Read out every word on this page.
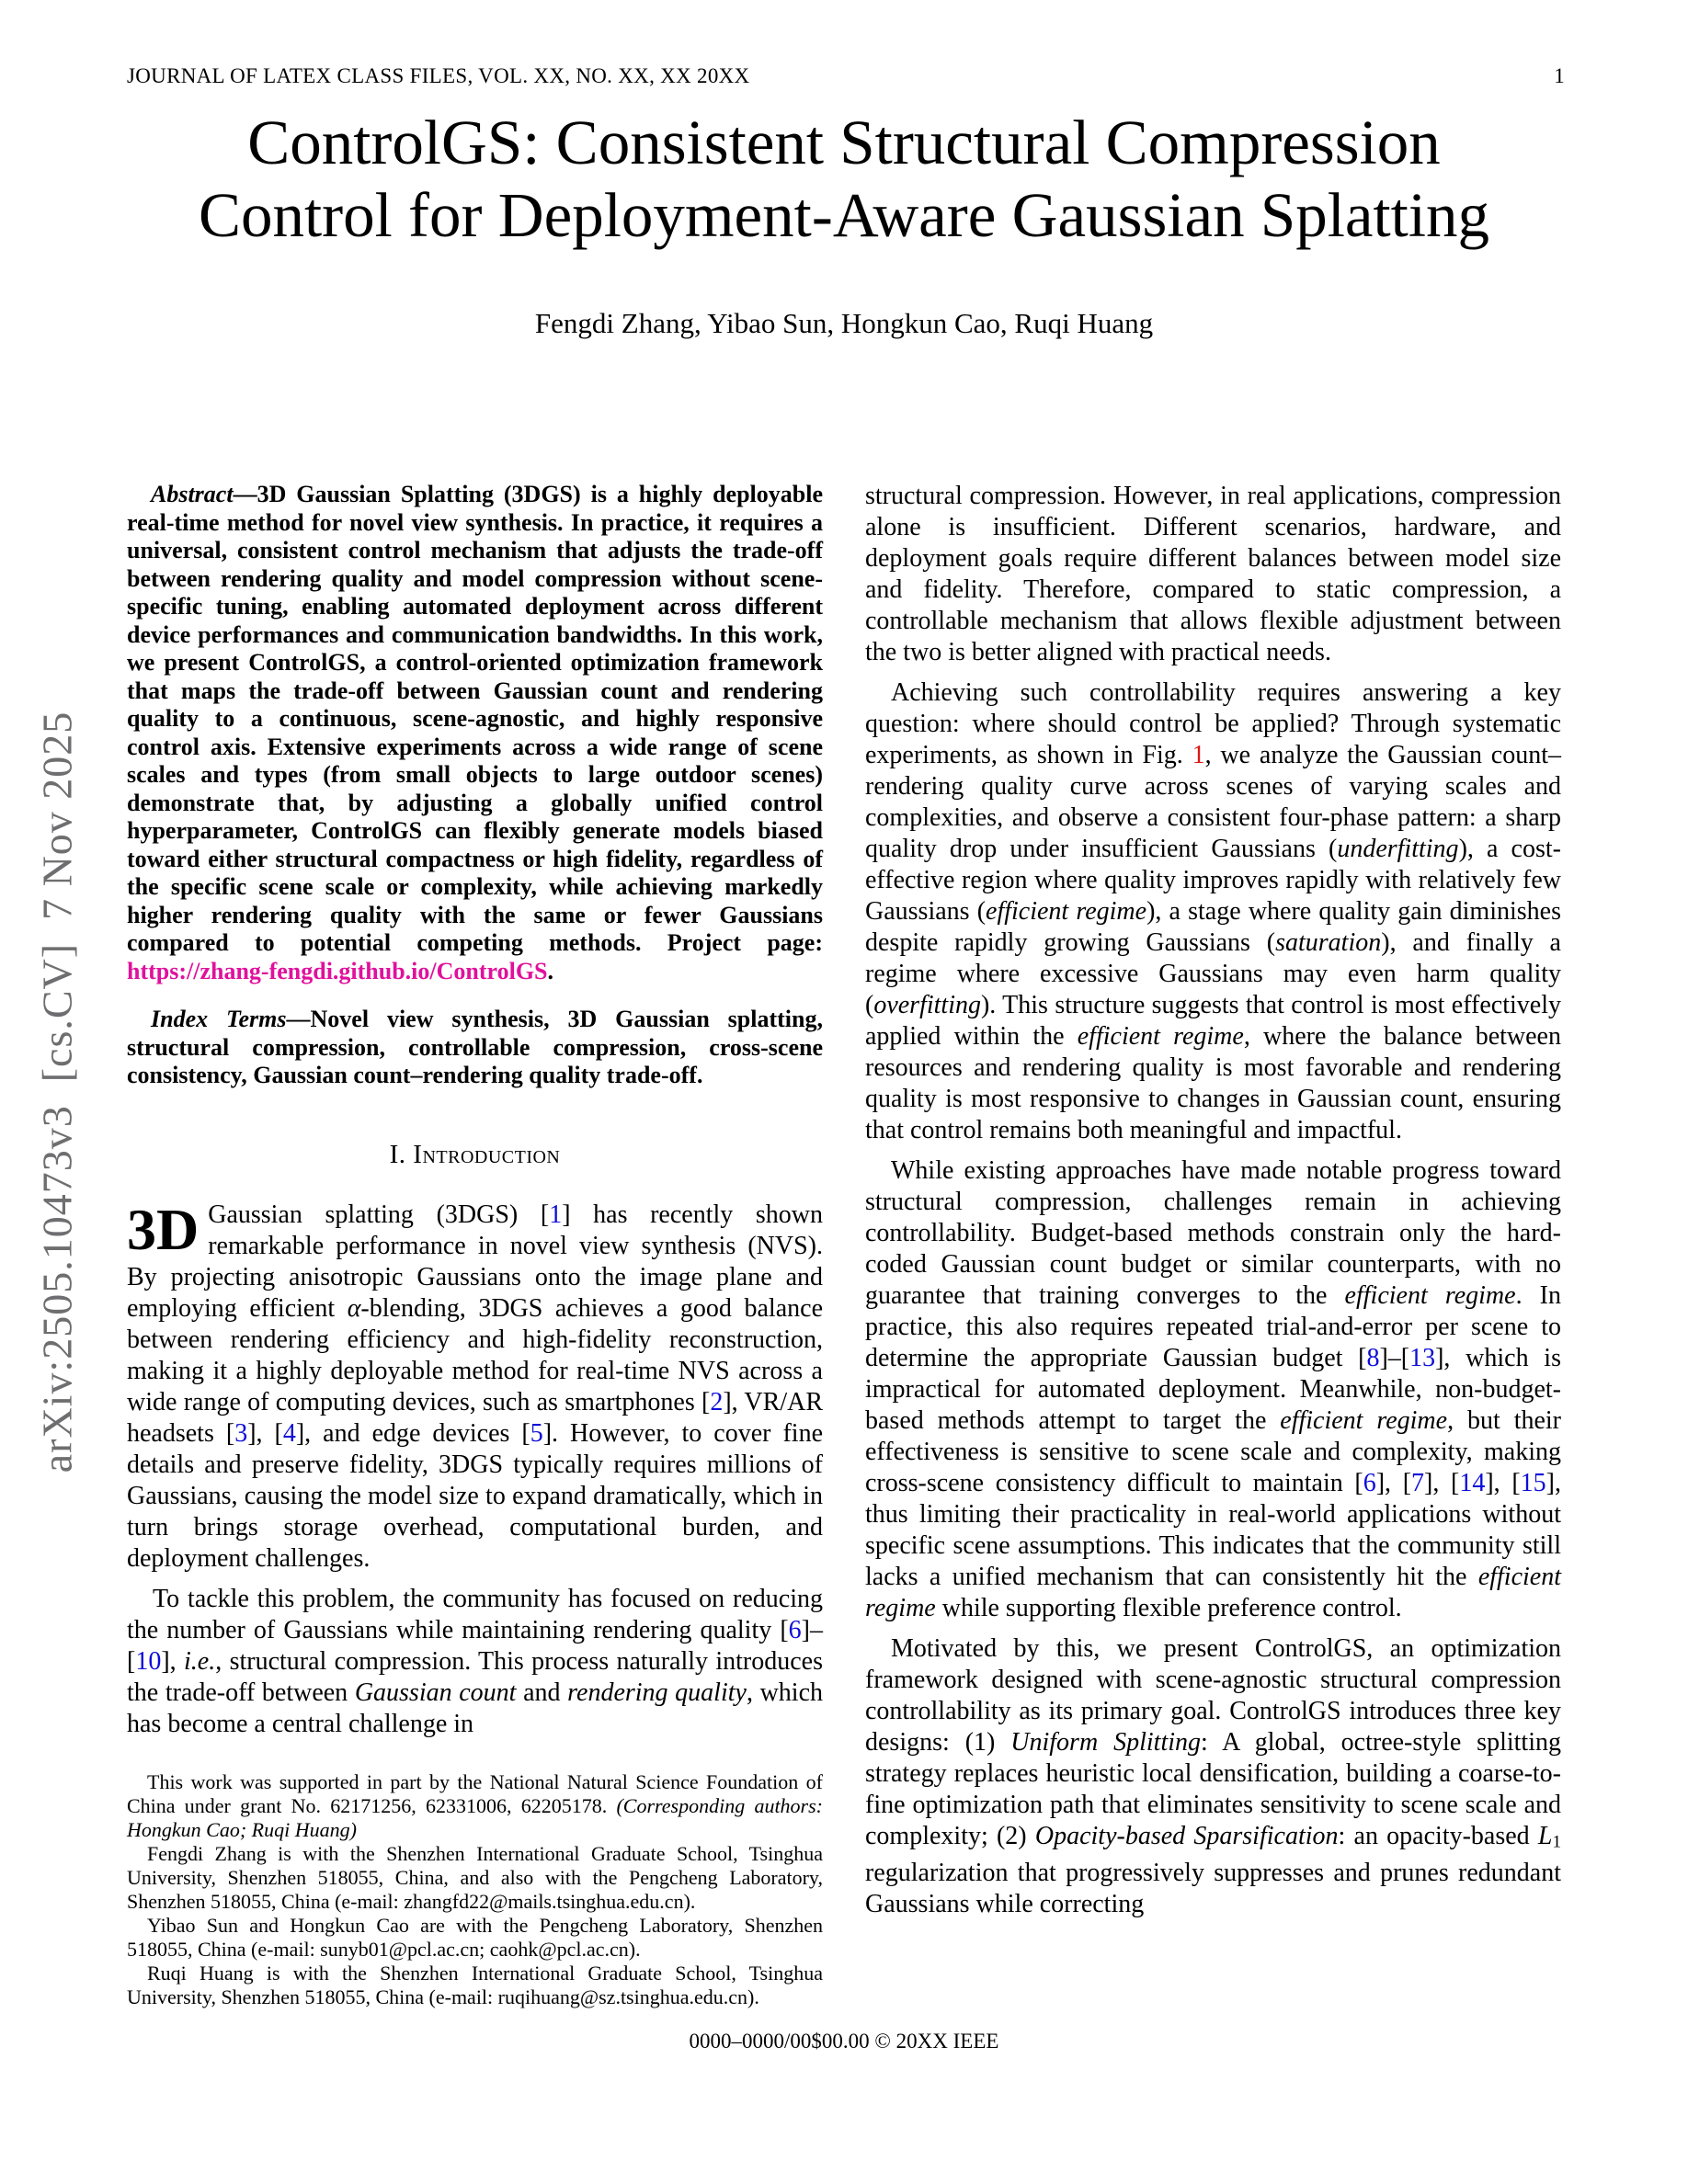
arXiv:2505.10473v3  [cs.CV]  7 Nov 2025
JOURNAL OF LATEX CLASS FILES, VOL. XX, NO. XX, XX 20XX	1
ControlGS: Consistent Structural Compression
Control for Deployment-Aware Gaussian Splatting
Fengdi Zhang, Yibao Sun, Hongkun Cao, Ruqi Huang

Abstract—3D Gaussian Splatting (3DGS) is a highly deployable real-time method for novel view synthesis. In practice, it requires a universal, consistent control mechanism that adjusts the trade-off between rendering quality and model compression without scene-specific tuning, enabling automated deployment across different device performances and communication bandwidths. In this work, we present ControlGS, a control-oriented optimization framework that maps the trade-off between Gaussian count and rendering quality to a continuous, scene-agnostic, and highly responsive control axis. Extensive experiments across a wide range of scene scales and types (from small objects to large outdoor scenes) demonstrate that, by adjusting a globally unified control hyperparameter, ControlGS can flexibly generate models biased toward either structural compactness or high fidelity, regardless of the specific scene scale or complexity, while achieving markedly higher rendering quality with the same or fewer Gaussians compared to potential competing methods. Project page: https://zhang-fengdi.github.io/ControlGS.

Index Terms—Novel view synthesis, 3D Gaussian splatting, structural compression, controllable compression, cross-scene consistency, Gaussian count–rendering quality trade-off.

structural compression. However, in real applications, compression alone is insufficient. Different scenarios, hardware, and deployment goals require different balances between model size and fidelity. Therefore, compared to static compression, a controllable mechanism that allows flexible adjustment between the two is better aligned with practical needs.

Achieving such controllability requires answering a key question: where should control be applied? Through systematic experiments, as shown in Fig. 1, we analyze the Gaussian count–rendering quality curve across scenes of varying scales and complexities, and observe a consistent four-phase pattern: a sharp quality drop under insufficient Gaussians (underfitting), a cost-effective region where quality improves rapidly with relatively few Gaussians (efficient regime), a stage where quality gain diminishes despite rapidly growing Gaussians (saturation), and finally a regime where excessive Gaussians may even harm quality (overfitting). This structure suggests that control is most effectively applied within the efficient regime, where the balance between resources and rendering quality is most favorable and rendering quality is most responsive to changes in Gaussian count, ensuring that control remains both meaningful and impactful.

While existing approaches have made notable progress toward structural compression, challenges remain in achieving controllability. Budget-based methods constrain only the hard-coded Gaussian count budget or similar counterparts, with no guarantee that training converges to the efficient regime. In practice, this also requires repeated trial-and-error per scene to determine the appropriate Gaussian budget [8]–[13], which is impractical for automated deployment. Meanwhile, non-budget-based methods attempt to target the efficient regime, but their effectiveness is sensitive to scene scale and complexity, making cross-scene consistency difficult to maintain [6], [7], [14], [15], thus limiting their practicality in real-world applications without specific scene assumptions. This indicates that the community still lacks a unified mechanism that can consistently hit the efficient regime while supporting flexible preference control.

Motivated by this, we present ControlGS, an optimization framework designed with scene-agnostic structural compression controllability as its primary goal. ControlGS introduces three key designs: (1) Uniform Splitting: A global, octree-style splitting strategy replaces heuristic local densification, building a coarse-to-fine optimization path that eliminates sensitivity to scene scale and complexity; (2) Opacity-based Sparsification: an opacity-based L1 regularization that progressively suppresses and prunes redundant Gaussians while correcting

I. Introduction

3D Gaussian splatting (3DGS) [1] has recently shown remarkable performance in novel view synthesis (NVS). By projecting anisotropic Gaussians onto the image plane and employing efficient α-blending, 3DGS achieves a good balance between rendering efficiency and high-fidelity reconstruction, making it a highly deployable method for real-time NVS across a wide range of computing devices, such as smartphones [2], VR/AR headsets [3], [4], and edge devices [5]. However, to cover fine details and preserve fidelity, 3DGS typically requires millions of Gaussians, causing the model size to expand dramatically, which in turn brings storage overhead, computational burden, and deployment challenges.

To tackle this problem, the community has focused on reducing the number of Gaussians while maintaining rendering quality [6]–[10], i.e., structural compression. This process naturally introduces the trade-off between Gaussian count and rendering quality, which has become a central challenge in

This work was supported in part by the National Natural Science Foundation of China under grant No. 62171256, 62331006, 62205178. (Corresponding authors: Hongkun Cao; Ruqi Huang)

Fengdi Zhang is with the Shenzhen International Graduate School, Tsinghua University, Shenzhen 518055, China, and also with the Pengcheng Laboratory, Shenzhen 518055, China (e-mail: zhangfd22@mails.tsinghua.edu.cn).

Yibao Sun and Hongkun Cao are with the Pengcheng Laboratory, Shenzhen 518055, China (e-mail: sunyb01@pcl.ac.cn; caohk@pcl.ac.cn).

Ruqi Huang is with the Shenzhen International Graduate School, Tsinghua University, Shenzhen 518055, China (e-mail: ruqihuang@sz.tsinghua.edu.cn).

0000–0000/00$00.00 © 20XX IEEE
